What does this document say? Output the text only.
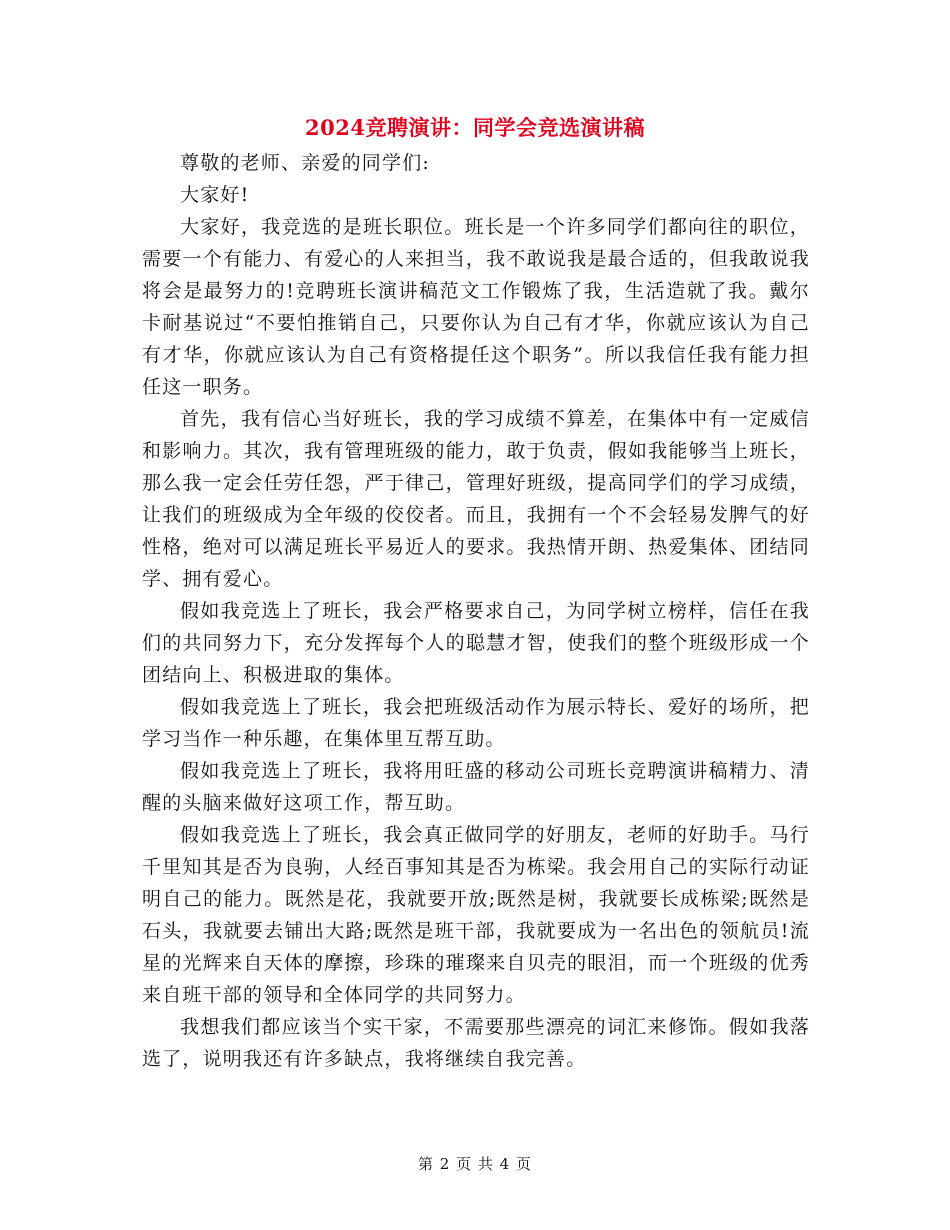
2024竞聘演讲：同学会竞选演讲稿

尊敬的老师、亲爱的同学们:

大家好!

大家好，我竞选的是班长职位。班长是一个许多同学们都向往的职位，需要一个有能力、有爱心的人来担当，我不敢说我是最合适的，但我敢说我将会是最努力的!竞聘班长演讲稿范文工作锻炼了我，生活造就了我。戴尔卡耐基说过“不要怕推销自己，只要你认为自己有才华，你就应该认为自己有才华，你就应该认为自己有资格提任这个职务”。所以我信任我有能力担任这一职务。

首先，我有信心当好班长，我的学习成绩不算差，在集体中有一定威信和影响力。其次，我有管理班级的能力，敢于负责，假如我能够当上班长，那么我一定会任劳任怨，严于律己，管理好班级，提高同学们的学习成绩，让我们的班级成为全年级的佼佼者。而且，我拥有一个不会轻易发脾气的好性格，绝对可以满足班长平易近人的要求。我热情开朗、热爱集体、团结同学、拥有爱心。

假如我竞选上了班长，我会严格要求自己，为同学树立榜样，信任在我们的共同努力下，充分发挥每个人的聪慧才智，使我们的整个班级形成一个团结向上、积极进取的集体。

假如我竞选上了班长，我会把班级活动作为展示特长、爱好的场所，把学习当作一种乐趣，在集体里互帮互助。

假如我竞选上了班长，我将用旺盛的移动公司班长竞聘演讲稿精力、清醒的头脑来做好这项工作，帮互助。

假如我竞选上了班长，我会真正做同学的好朋友，老师的好助手。马行千里知其是否为良驹，人经百事知其是否为栋梁。我会用自己的实际行动证明自己的能力。既然是花，我就要开放;既然是树，我就要长成栋梁;既然是石头，我就要去铺出大路;既然是班干部，我就要成为一名出色的领航员!流星的光辉来自天体的摩擦，珍珠的璀璨来自贝壳的眼泪，而一个班级的优秀来自班干部的领导和全体同学的共同努力。

我想我们都应该当个实干家，不需要那些漂亮的词汇来修饰。假如我落选了，说明我还有许多缺点，我将继续自我完善。

第 2 页 共 4 页
